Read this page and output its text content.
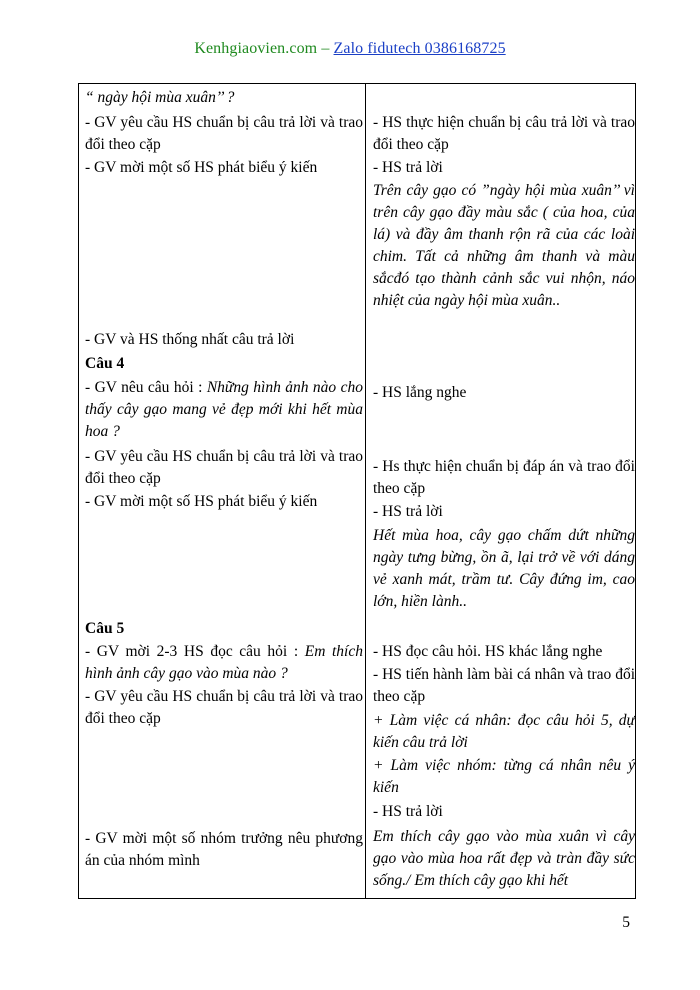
Kenhgiaovien.com – Zalo fidutech 0386168725

“ ngày hội mùa xuân’’ ?

- GV yêu cầu HS chuẩn bị câu trả lời và trao đổi theo cặp

- GV mời một số HS phát biểu ý kiến

- GV và HS thống nhất câu trả lời

Câu 4

- GV nêu câu hỏi : Những hình ảnh nào cho thấy cây gạo mang vẻ đẹp mới khi hết mùa hoa ?

- GV yêu cầu HS chuẩn bị câu trả lời và trao đổi theo cặp

- GV mời một số HS phát biểu ý kiến

Câu 5

- GV mời 2-3 HS đọc câu hỏi : Em thích hình ảnh cây gạo vào mùa nào ?

- GV yêu cầu HS chuẩn bị câu trả lời và trao đổi theo cặp

- GV mời một số nhóm trưởng nêu phương án của nhóm mình

- HS thực hiện chuẩn bị câu trả lời và trao đổi theo cặp

- HS trả lời

Trên cây gạo có ”ngày hội mùa xuân’’ vì trên cây gạo đầy màu sắc ( của hoa, của lá) và đầy âm thanh rộn rã của các loài chim. Tất cả những âm thanh và màu sắcđó tạo thành cảnh sắc vui nhộn, náo nhiệt của ngày hội mùa xuân..

- HS lắng nghe

- Hs thực hiện chuẩn bị đáp án và trao đổi theo cặp

- HS trả lời

Hết mùa hoa, cây gạo chấm dứt những ngày tưng bừng, ồn ã, lại trở về với dáng vẻ xanh mát, trầm tư. Cây đứng im, cao lớn, hiền lành..

- HS đọc câu hỏi. HS khác lắng nghe

- HS tiến hành làm bài cá nhân và trao đổi theo cặp

+ Làm việc cá nhân: đọc câu hỏi 5, dự kiến câu trả lời

+ Làm việc nhóm: từng cá nhân nêu ý kiến

- HS trả lời

Em thích cây gạo vào mùa xuân vì cây gạo vào mùa hoa rất đẹp và tràn đầy sức sống./ Em thích cây gạo khi hết

5
